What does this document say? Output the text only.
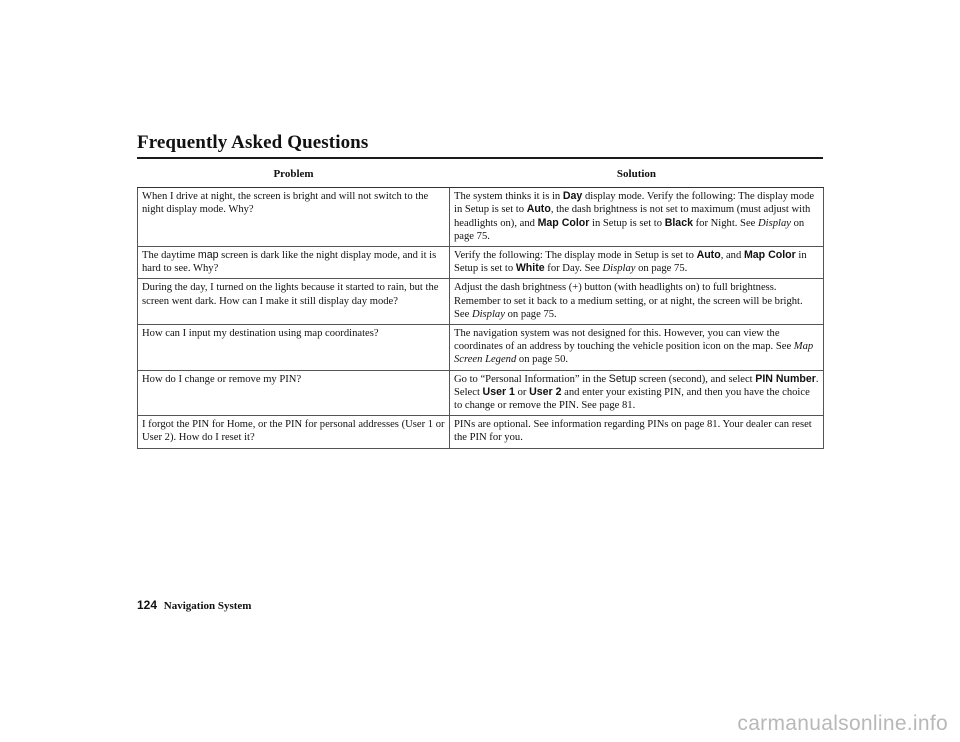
Frequently Asked Questions
Problem	Solution
When I drive at night, the screen is bright and will not switch to the night display mode. Why?	The system thinks it is in Day display mode. Verify the following: The display mode in Setup is set to Auto, the dash brightness is not set to maximum (must adjust with headlights on), and Map Color in Setup is set to Black for Night. See Display on page 75.
The daytime map screen is dark like the night display mode, and it is hard to see. Why?	Verify the following: The display mode in Setup is set to Auto, and Map Color in Setup is set to White for Day. See Display on page 75.
During the day, I turned on the lights because it started to rain, but the screen went dark. How can I make it still display day mode?	Adjust the dash brightness (+) button (with headlights on) to full brightness. Remember to set it back to a medium setting, or at night, the screen will be bright. See Display on page 75.
How can I input my destination using map coordinates?	The navigation system was not designed for this. However, you can view the coordinates of an address by touching the vehicle position icon on the map. See Map Screen Legend on page 50.
How do I change or remove my PIN?	Go to “Personal Information” in the Setup screen (second), and select PIN Number. Select User 1 or User 2 and enter your existing PIN, and then you have the choice to change or remove the PIN. See page 81.
I forgot the PIN for Home, or the PIN for personal addresses (User 1 or User 2). How do I reset it?	PINs are optional. See information regarding PINs on page 81. Your dealer can reset the PIN for you.
124 Navigation System
carmanualsonline.info
